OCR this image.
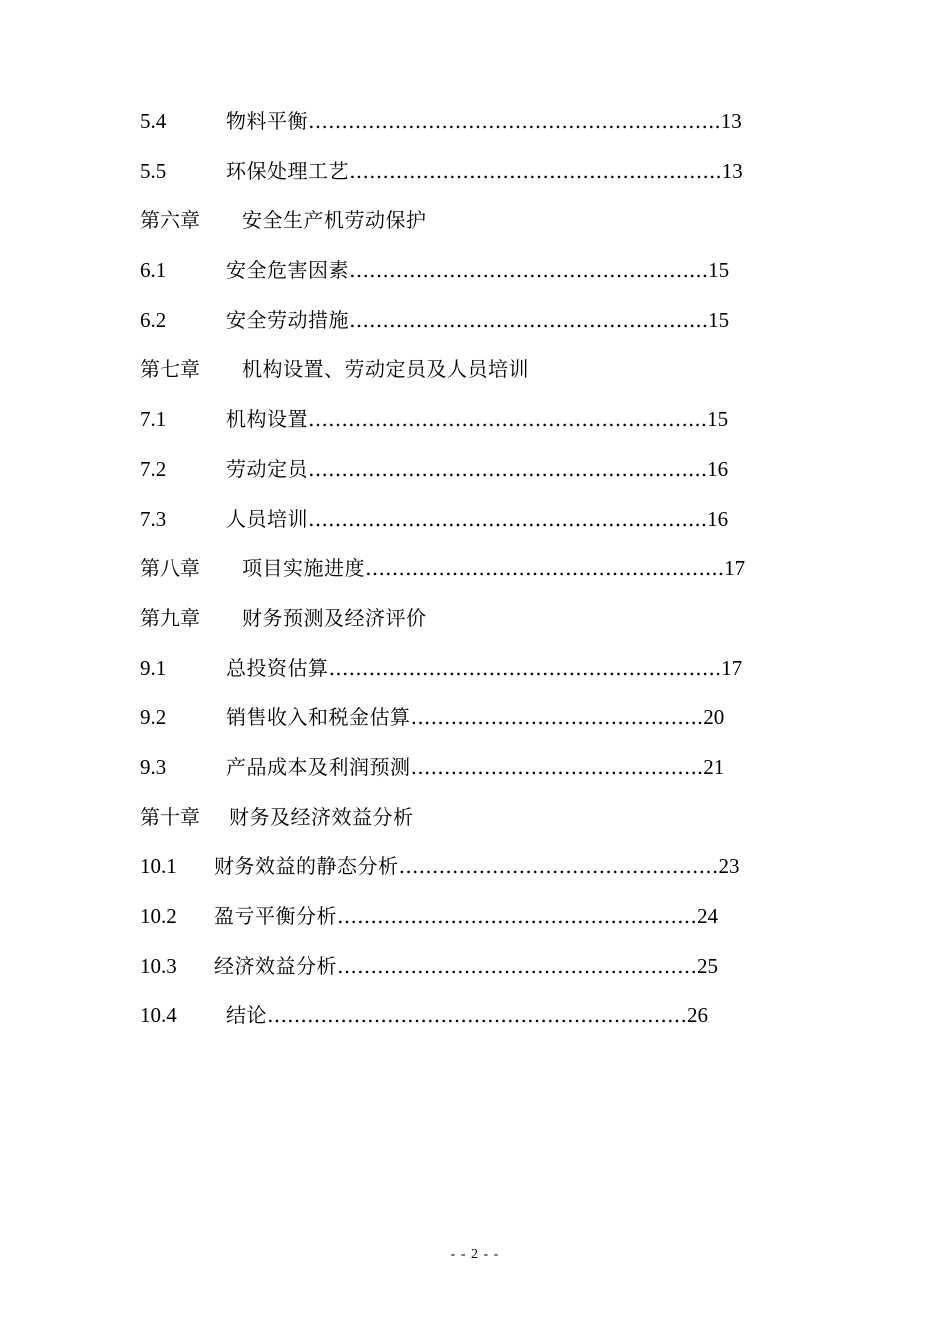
5.4	物料平衡……………………………………………………..13
5.5	环保处理工艺………………………………………………..13
第六章 安全生产机劳动保护
6.1	安全危害因素……………………………………………...15
6.2	安全劳动措施……………………………………………...15
第七章 机构设置、劳动定员及人员培训
7.1	机构设置…………………………………………………...15
7.2	劳动定员…………………………………………………...16
7.3	人员培训…………………………………………………...16
第八章 项目实施进度……………………………………………...17
第九章 财务预测及经济评价
9.1	总投资估算…………………………………………………..17
9.2	销售收入和税金估算……………………………………..20
9.3	产品成本及利润预测……………………………………..21
第十章 财务及经济效益分析
10.1 财务效益的静态分析…………………………………………23
10.2 盈亏平衡分析………………………………………………24
10.3 经济效益分析………………………………………………25
10.4 结论………………………………………………………26
- - 2 - -
